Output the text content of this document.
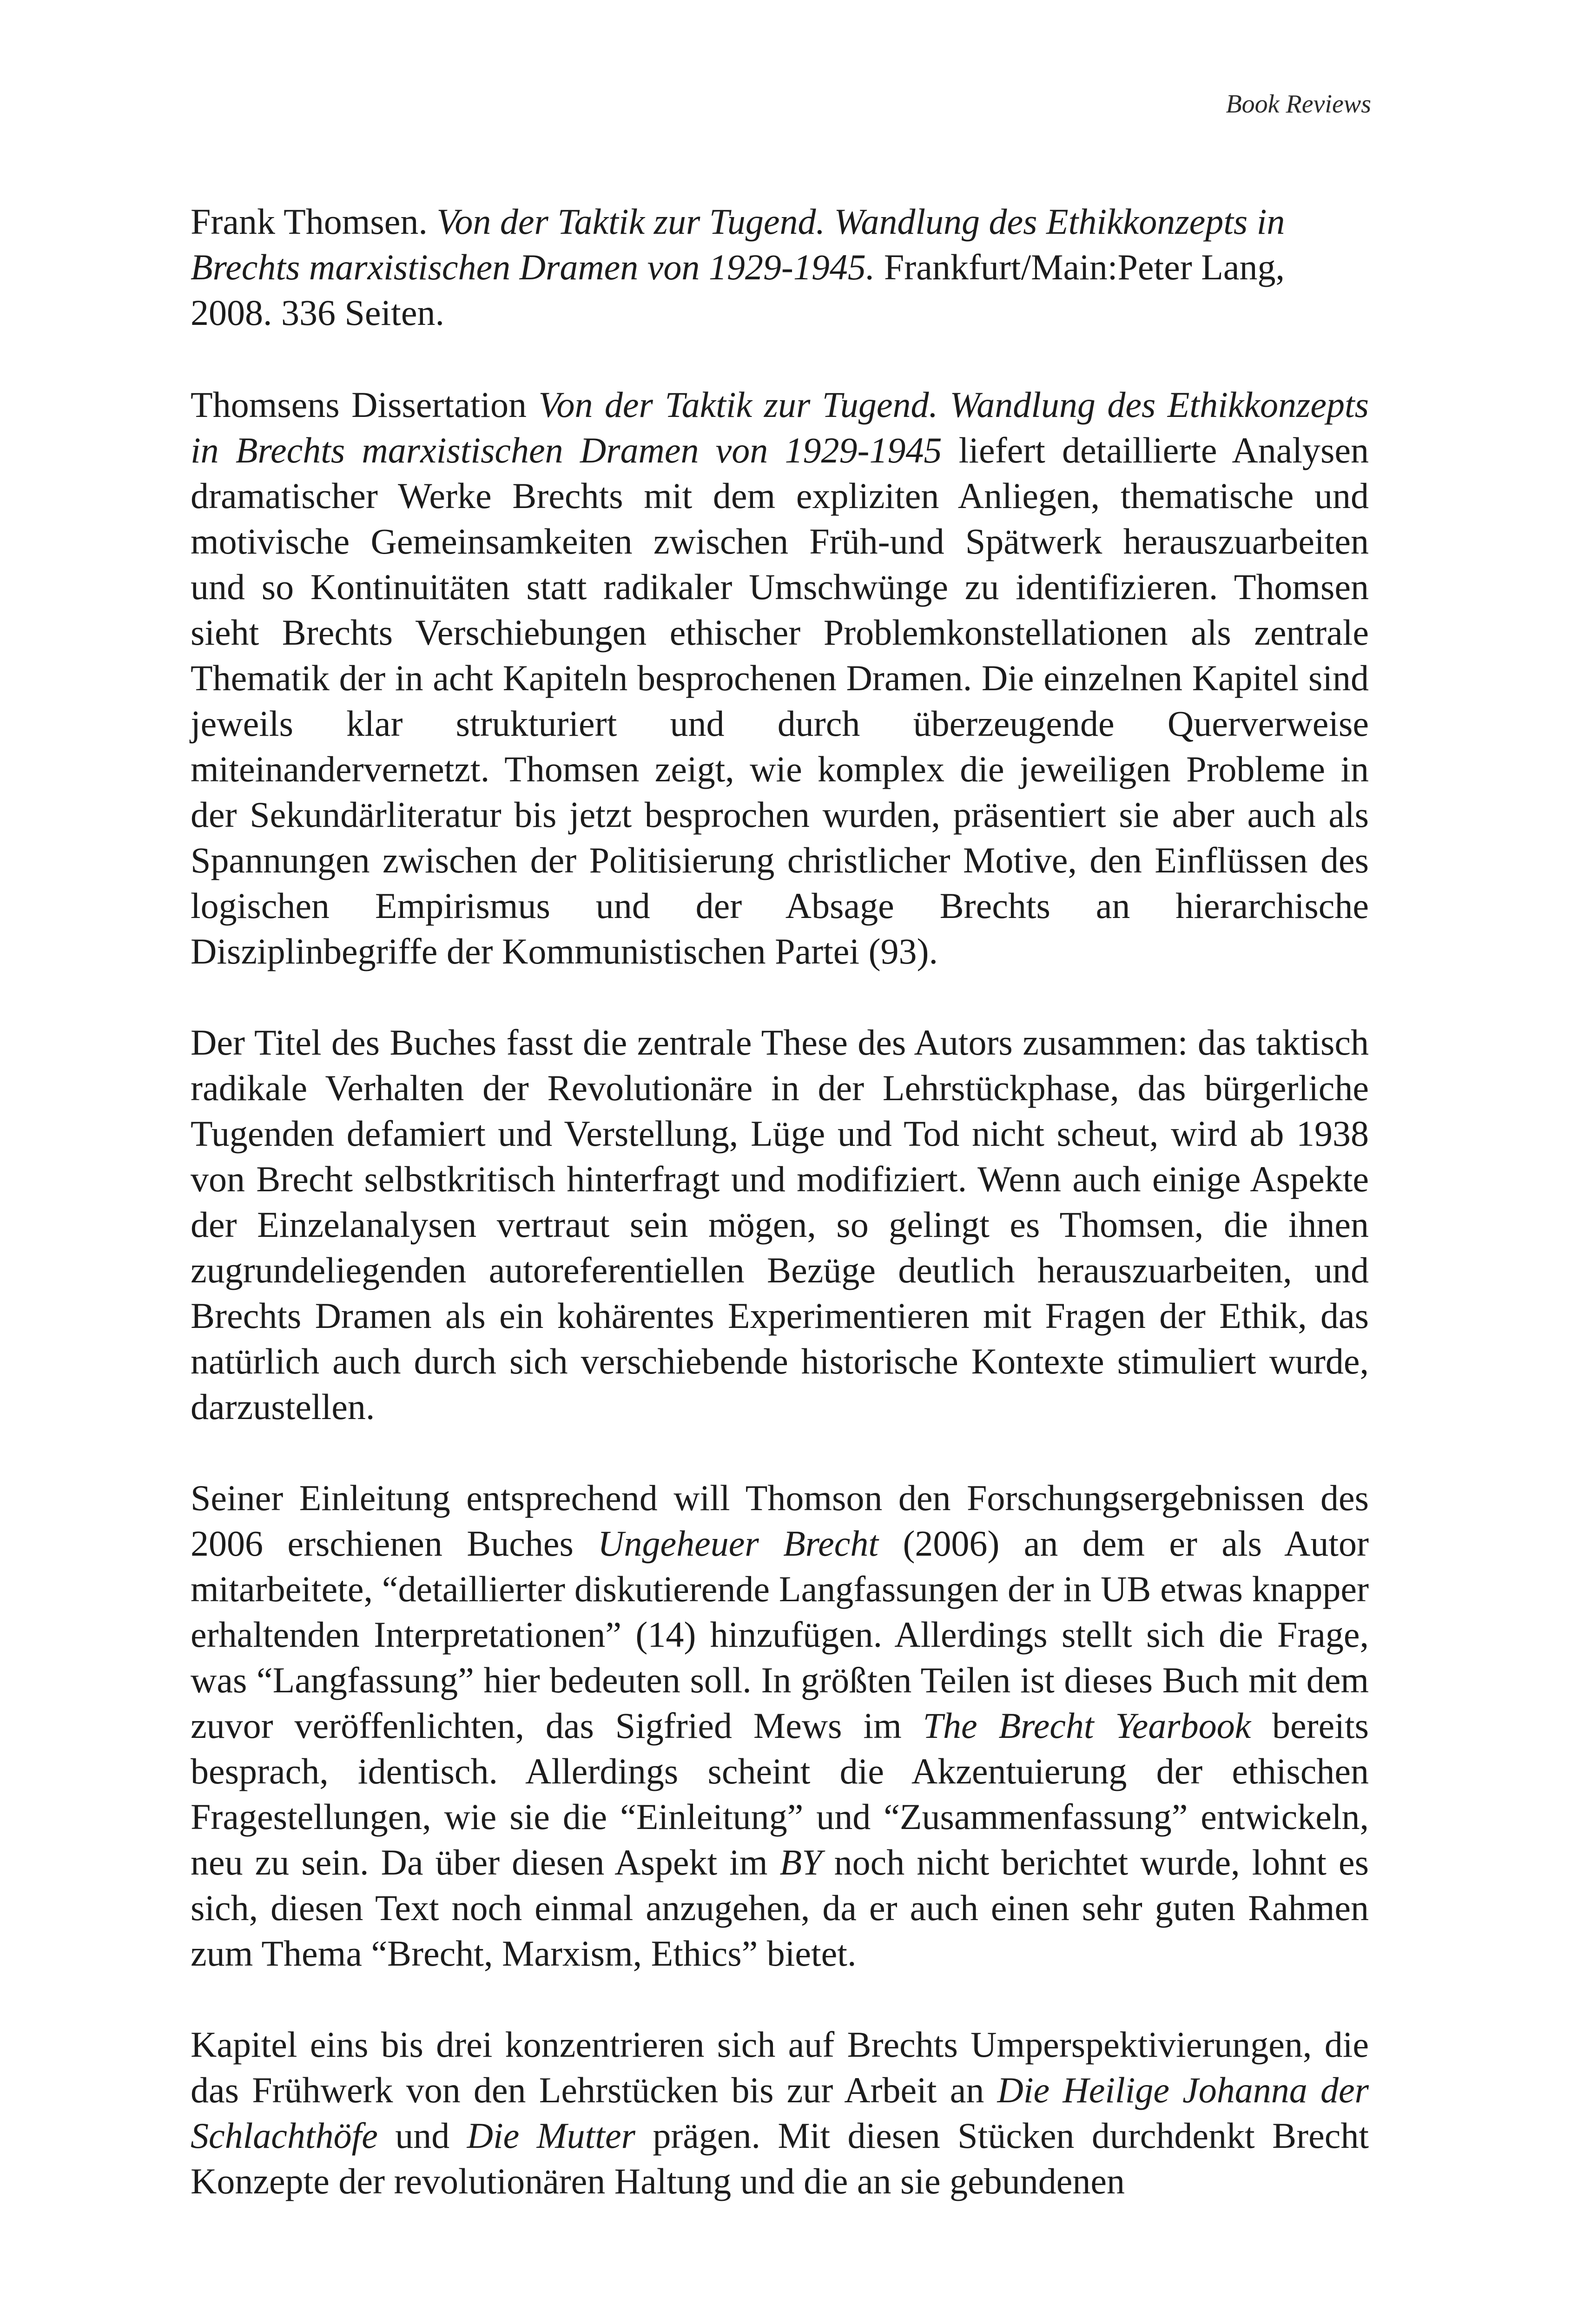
Book Reviews

Frank Thomsen. Von der Taktik zur Tugend. Wandlung des Ethikkonzepts in Brechts marxistischen Dramen von 1929-1945. Frankfurt/Main:Peter Lang, 2008. 336 Seiten.

Thomsens Dissertation Von der Taktik zur Tugend. Wandlung des Ethikkonzepts in Brechts marxistischen Dramen von 1929-1945 liefert detaillierte Analysen dramatischer Werke Brechts mit dem expliziten Anliegen, thematische und motivische Gemeinsamkeiten zwischen Früh-und Spätwerk herauszuarbeiten und so Kontinuitäten statt radikaler Umschwünge zu identifizieren. Thomsen sieht Brechts Verschiebungen ethischer Problemkonstellationen als zentrale Thematik der in acht Kapiteln besprochenen Dramen. Die einzelnen Kapitel sind jeweils klar strukturiert und durch überzeugende Querverweise miteinandervernetzt. Thomsen zeigt, wie komplex die jeweiligen Probleme in der Sekundärliteratur bis jetzt besprochen wurden, präsentiert sie aber auch als Spannungen zwischen der Politisierung christlicher Motive, den Einflüssen des logischen Empirismus und der Absage Brechts an hierarchische Disziplinbegriffe der Kommunistischen Partei (93).

Der Titel des Buches fasst die zentrale These des Autors zusammen: das taktisch radikale Verhalten der Revolutionäre in der Lehrstückphase, das bürgerliche Tugenden defamiert und Verstellung, Lüge und Tod nicht scheut, wird ab 1938 von Brecht selbstkritisch hinterfragt und modifiziert. Wenn auch einige Aspekte der Einzelanalysen vertraut sein mögen, so gelingt es Thomsen, die ihnen zugrundeliegenden autoreferentiellen Bezüge deutlich herauszuarbeiten, und Brechts Dramen als ein kohärentes Experimentieren mit Fragen der Ethik, das natürlich auch durch sich verschiebende historische Kontexte stimuliert wurde, darzustellen.

Seiner Einleitung entsprechend will Thomson den Forschungsergebnissen des 2006 erschienen Buches Ungeheuer Brecht (2006) an dem er als Autor mitarbeitete, “detaillierter diskutierende Langfassungen der in UB etwas knapper erhaltenden Interpretationen” (14) hinzufügen. Allerdings stellt sich die Frage, was “Langfassung” hier bedeuten soll. In größten Teilen ist dieses Buch mit dem zuvor veröffenlichten, das Sigfried Mews im The Brecht Yearbook bereits besprach, identisch. Allerdings scheint die Akzentuierung der ethischen Fragestellungen, wie sie die “Einleitung” und “Zusammenfassung” entwickeln, neu zu sein. Da über diesen Aspekt im BY noch nicht berichtet wurde, lohnt es sich, diesen Text noch einmal anzugehen, da er auch einen sehr guten Rahmen zum Thema “Brecht, Marxism, Ethics” bietet.

Kapitel eins bis drei konzentrieren sich auf Brechts Umperspektivierungen, die das Frühwerk von den Lehrstücken bis zur Arbeit an Die Heilige Johanna der Schlachthöfe und Die Mutter prägen. Mit diesen Stücken durchdenkt Brecht Konzepte der revolutionären Haltung und die an sie gebundenen
